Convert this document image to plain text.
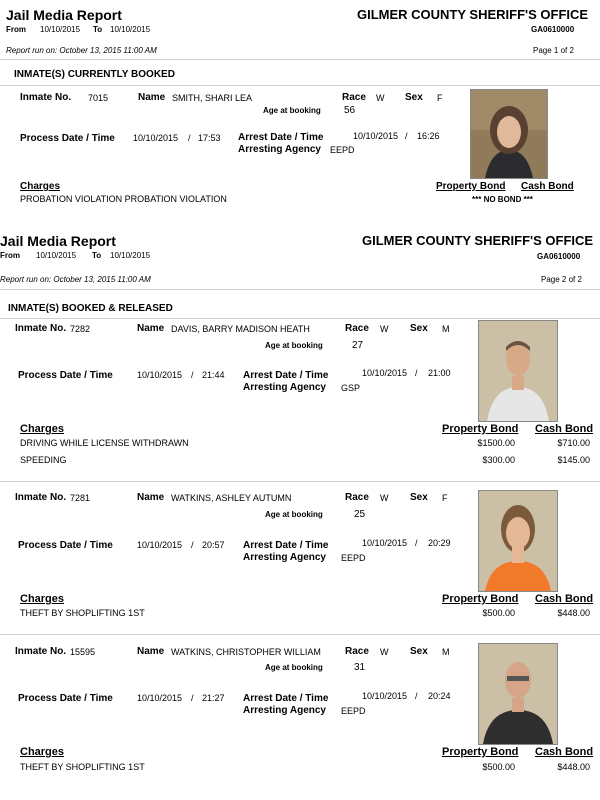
Jail Media Report	GILMER COUNTY SHERIFF'S OFFICE
From 10/10/2015 To 10/10/2015	GA0610000
Report run on: October 13, 2015 11:00 AM	Page 1 of 2
INMATE(S) CURRENTLY BOOKED
Inmate No. 7015	Name SMITH, SHARI LEA	Race W Sex F
Age at booking 56
Process Date / Time 10/10/2015 / 17:53 Arrest Date / Time	10/10/2015 / 16:26
Arresting Agency EEPD
Charges	Property Bond Cash Bond
PROBATION VIOLATION PROBATION VIOLATION	*** NO BOND ***
Jail Media Report	GILMER COUNTY SHERIFF'S OFFICE
From 10/10/2015 To 10/10/2015	GA0610000
Report run on: October 13, 2015 11:00 AM	Page 2 of 2
INMATE(S) BOOKED & RELEASED
Inmate No. 7282	Name DAVIS, BARRY MADISON HEATH	Race W Sex M
Age at booking	27
Process Date / Time	10/10/2015 / 21:44 Arrest Date / Time	10/10/2015 / 21:00
Arresting Agency GSP
Charges	Property Bond Cash Bond
DRIVING WHILE LICENSE WITHDRAWN	$1500.00	$710.00
SPEEDING	$300.00	$145.00
Inmate No. 7281	Name WATKINS, ASHLEY AUTUMN	Race W Sex F
Age at booking	25
Process Date / Time	10/10/2015 / 20:57 Arrest Date / Time	10/10/2015 / 20:29
Arresting Agency EEPD
Charges	Property Bond Cash Bond
THEFT BY SHOPLIFTING 1ST	$500.00	$448.00
Inmate No. 15595	Name WATKINS, CHRISTOPHER WILLIAM Race W Sex M
Age at booking	31
Process Date / Time	10/10/2015 / 21:27 Arrest Date / Time	10/10/2015 / 20:24
Arresting Agency EEPD
Charges	Property Bond Cash Bond
THEFT BY SHOPLIFTING 1ST	$500.00	$448.00
